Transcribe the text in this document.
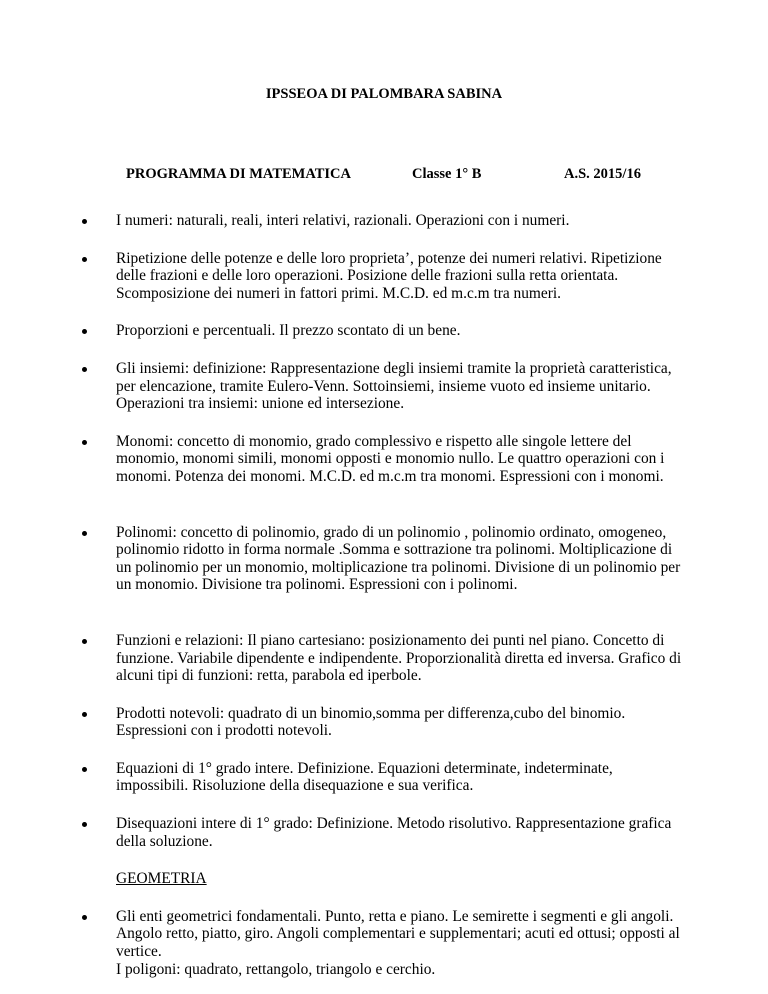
IPSSEOA DI PALOMBARA SABINA
PROGRAMMA DI MATEMATICA	Classe 1° B	A.S. 2015/16
I numeri: naturali, reali, interi relativi, razionali. Operazioni con i numeri.
Ripetizione delle potenze e delle loro proprieta’, potenze dei numeri relativi. Ripetizione delle frazioni e delle loro operazioni. Posizione delle frazioni sulla retta orientata. Scomposizione dei numeri in fattori primi. M.C.D. ed m.c.m tra numeri.
Proporzioni e percentuali. Il prezzo scontato di un bene.
Gli insiemi: definizione: Rappresentazione degli insiemi tramite la proprietà caratteristica, per elencazione, tramite Eulero-Venn. Sottoinsiemi, insieme vuoto ed insieme unitario. Operazioni tra insiemi: unione ed intersezione.
Monomi: concetto di monomio, grado complessivo e rispetto alle singole lettere del monomio, monomi simili, monomi opposti e monomio nullo. Le quattro operazioni con i monomi. Potenza dei monomi. M.C.D. ed m.c.m tra monomi. Espressioni con i monomi.
Polinomi: concetto di polinomio, grado di un polinomio , polinomio ordinato, omogeneo, polinomio ridotto in forma normale .Somma e sottrazione tra polinomi. Moltiplicazione di un polinomio per un monomio, moltiplicazione tra polinomi. Divisione di un polinomio per un monomio. Divisione tra polinomi. Espressioni con i polinomi.
Funzioni e relazioni: Il piano cartesiano: posizionamento dei punti nel piano. Concetto di funzione. Variabile dipendente e indipendente. Proporzionalità diretta ed inversa. Grafico di alcuni tipi di funzioni: retta, parabola ed iperbole.
Prodotti notevoli: quadrato di un binomio,somma per differenza,cubo del binomio. Espressioni con i prodotti notevoli.
Equazioni di 1° grado intere. Definizione. Equazioni determinate, indeterminate, impossibili. Risoluzione della disequazione e sua verifica.
Disequazioni intere di 1° grado: Definizione. Metodo risolutivo. Rappresentazione grafica della soluzione.
GEOMETRIA
Gli enti geometrici fondamentali. Punto, retta e piano. Le semirette i segmenti e gli angoli. Angolo retto, piatto, giro. Angoli complementari e supplementari; acuti ed ottusi; opposti al vertice.
I poligoni: quadrato, rettangolo, triangolo e cerchio.
